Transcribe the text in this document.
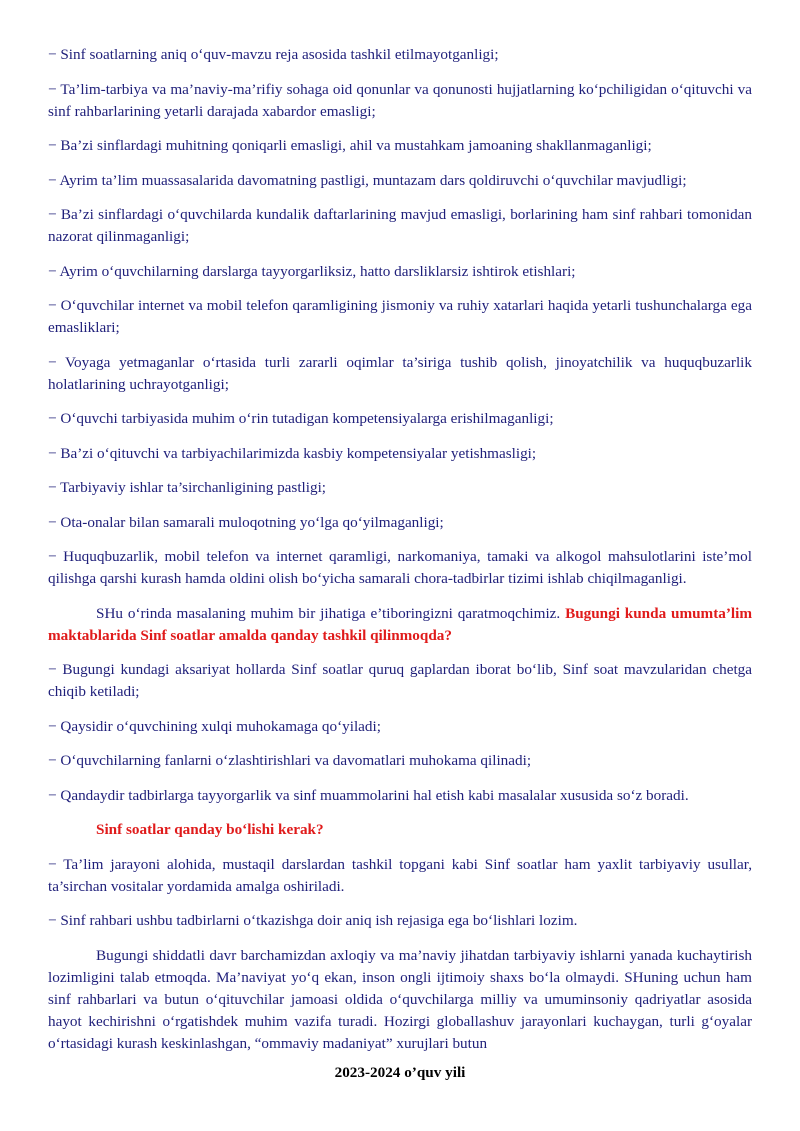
− Sinf soatlarning aniq o‘quv-mavzu reja asosida tashkil etilmayotganligi;

− Ta’lim-tarbiya va ma’naviy-ma’rifiy sohaga oid qonunlar va qonunosti hujjatlarning ko‘pchiligidan o‘qituvchi va sinf rahbarlarining yetarli darajada xabardor emasligi;

− Ba’zi sinflardagi muhitning qoniqarli emasligi, ahil va mustahkam jamoaning shakllanmaganligi;

− Ayrim ta’lim muassasalarida davomatning pastligi, muntazam dars qoldiruvchi o‘quvchilar mavjudligi;

− Ba’zi sinflardagi o‘quvchilarda kundalik daftarlarining mavjud emasligi, borlarining ham sinf rahbari tomonidan nazorat qilinmaganligi;

− Ayrim o‘quvchilarning darslarga tayyorgarliksiz, hatto darsliklarsiz ishtirok etishlari;

− O‘quvchilar internet va mobil telefon qaramligining jismoniy va ruhiy xatarlari haqida yetarli tushunchalarga ega emasliklari;

− Voyaga yetmaganlar o‘rtasida turli zararli oqimlar ta’siriga tushib qolish, jinoyatchilik va huquqbuzarlik holatlarining uchrayotganligi;

− O‘quvchi tarbiyasida muhim o‘rin tutadigan kompetensiyalarga erishilmaganligi;

− Ba’zi o‘qituvchi va tarbiyachilarimizda kasbiy kompetensiyalar yetishmasligi;

− Tarbiyaviy ishlar ta’sirchanligining pastligi;

− Ota-onalar bilan samarali muloqotning yo‘lga qo‘yilmaganligi;

− Huquqbuzarlik, mobil telefon va internet qaramligi, narkomaniya, tamaki va alkogol mahsulotlarini iste’mol qilishga qarshi kurash hamda oldini olish bo‘yicha samarali chora-tadbirlar tizimi ishlab chiqilmaganligi.

SHu o‘rinda masalaning muhim bir jihatiga e’tiboringizni qaratmoqchimiz. Bugungi kunda umumta’lim maktablarida Sinf soatlar amalda qanday tashkil qilinmoqda?

− Bugungi kundagi aksariyat hollarda Sinf soatlar quruq gaplardan iborat bo‘lib, Sinf soat mavzularidan chetga chiqib ketiladi;

− Qaysidir o‘quvchining xulqi muhokamaga qo‘yiladi;

− O‘quvchilarning fanlarni o‘zlashtirishlari va davomatlari muhokama qilinadi;

− Qandaydir tadbirlarga tayyorgarlik va sinf muammolarini hal etish kabi masalalar xususida so‘z boradi.

Sinf soatlar qanday bo‘lishi kerak?

− Ta’lim jarayoni alohida, mustaqil darslardan tashkil topgani kabi Sinf soatlar ham yaxlit tarbiyaviy usullar, ta’sirchan vositalar yordamida amalga oshiriladi.

− Sinf rahbari ushbu tadbirlarni o‘tkazishga doir aniq ish rejasiga ega bo‘lishlari lozim.

Bugungi shiddatli davr barchamizdan axloqiy va ma’naviy jihatdan tarbiyaviy ishlarni yanada kuchaytirish lozimligini talab etmoqda. Ma’naviyat yo‘q ekan, inson ongli ijtimoiy shaxs bo‘la olmaydi. SHuning uchun ham sinf rahbarlari va butun o‘qituvchilar jamoasi oldida o‘quvchilarga milliy va umuminsoniy qadriyatlar asosida hayot kechirishni o‘rgatishdek muhim vazifa turadi. Hozirgi globallashuv jarayonlari kuchaygan, turli g‘oyalar o‘rtasidagi kurash keskinlashgan, “ommaviy madaniyat” xurujlari butun

2023-2024 o’quv yili
